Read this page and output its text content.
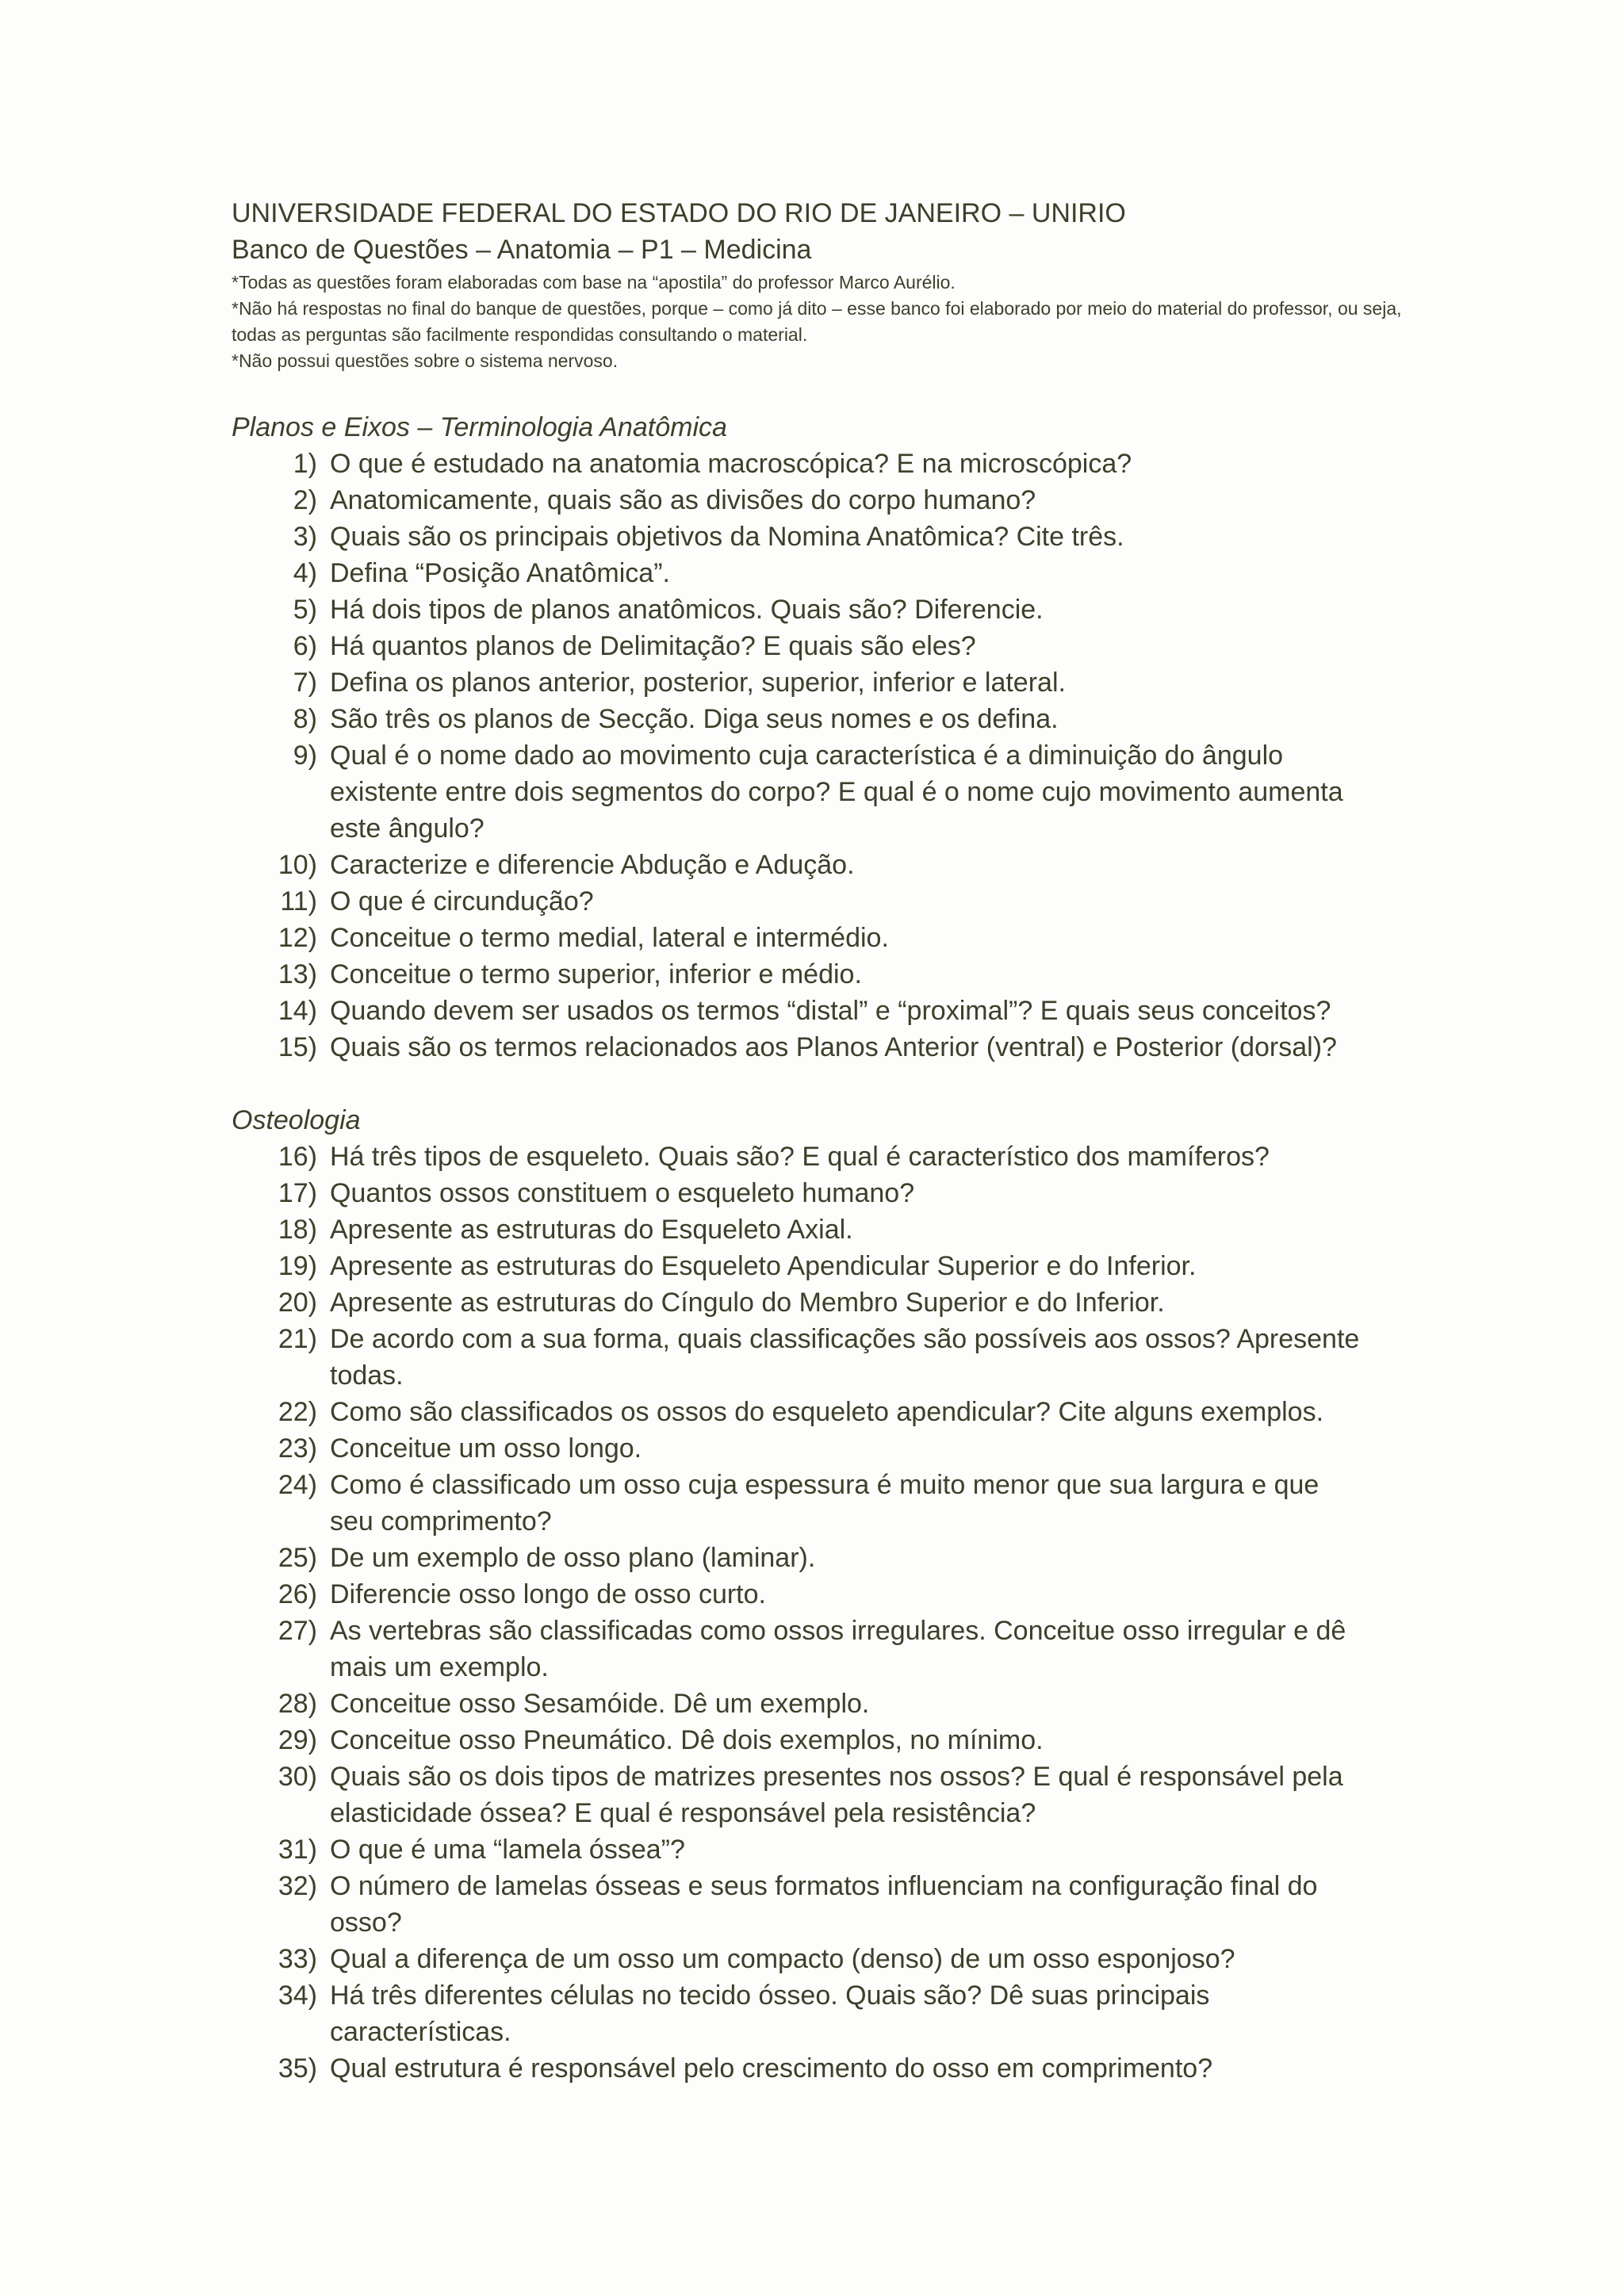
UNIVERSIDADE FEDERAL DO ESTADO DO RIO DE JANEIRO – UNIRIO
Banco de Questões – Anatomia – P1 – Medicina
*Todas as questões foram elaboradas com base na “apostila” do professor Marco Aurélio.
*Não há respostas no final do banque de questões, porque – como já dito – esse banco foi elaborado por meio do material do professor, ou seja, todas as perguntas são facilmente respondidas consultando o material.
*Não possui questões sobre o sistema nervoso.
Planos e Eixos – Terminologia Anatômica
1) O que é estudado na anatomia macroscópica? E na microscópica?
2) Anatomicamente, quais são as divisões do corpo humano?
3) Quais são os principais objetivos da Nomina Anatômica? Cite três.
4) Defina “Posição Anatômica”.
5) Há dois tipos de planos anatômicos. Quais são? Diferencie.
6) Há quantos planos de Delimitação? E quais são eles?
7) Defina os planos anterior, posterior, superior, inferior e lateral.
8) São três os planos de Secção. Diga seus nomes e os defina.
9) Qual é o nome dado ao movimento cuja característica é a diminuição do ângulo existente entre dois segmentos do corpo? E qual é o nome cujo movimento aumenta este ângulo?
10) Caracterize e diferencie Abdução e Adução.
11) O que é circundução?
12) Conceitue o termo medial, lateral e intermédio.
13) Conceitue o termo superior, inferior e médio.
14) Quando devem ser usados os termos “distal” e “proximal”? E quais seus conceitos?
15) Quais são os termos relacionados aos Planos Anterior (ventral) e Posterior (dorsal)?
Osteologia
16) Há três tipos de esqueleto. Quais são? E qual é característico dos mamíferos?
17) Quantos ossos constituem o esqueleto humano?
18) Apresente as estruturas do Esqueleto Axial.
19) Apresente as estruturas do Esqueleto Apendicular Superior e do Inferior.
20) Apresente as estruturas do Cíngulo do Membro Superior e do Inferior.
21) De acordo com a sua forma, quais classificações são possíveis aos ossos? Apresente todas.
22) Como são classificados os ossos do esqueleto apendicular? Cite alguns exemplos.
23) Conceitue um osso longo.
24) Como é classificado um osso cuja espessura é muito menor que sua largura e que seu comprimento?
25) De um exemplo de osso plano (laminar).
26) Diferencie osso longo de osso curto.
27) As vertebras são classificadas como ossos irregulares. Conceitue osso irregular e dê mais um exemplo.
28) Conceitue osso Sesamóide. Dê um exemplo.
29) Conceitue osso Pneumático. Dê dois exemplos, no mínimo.
30) Quais são os dois tipos de matrizes presentes nos ossos? E qual é responsável pela elasticidade óssea? E qual é responsável pela resistência?
31) O que é uma “lamela óssea”?
32) O número de lamelas ósseas e seus formatos influenciam na configuração final do osso?
33) Qual a diferença de um osso um compacto (denso) de um osso esponjoso?
34) Há três diferentes células no tecido ósseo. Quais são? Dê suas principais características.
35) Qual estrutura é responsável pelo crescimento do osso em comprimento?
